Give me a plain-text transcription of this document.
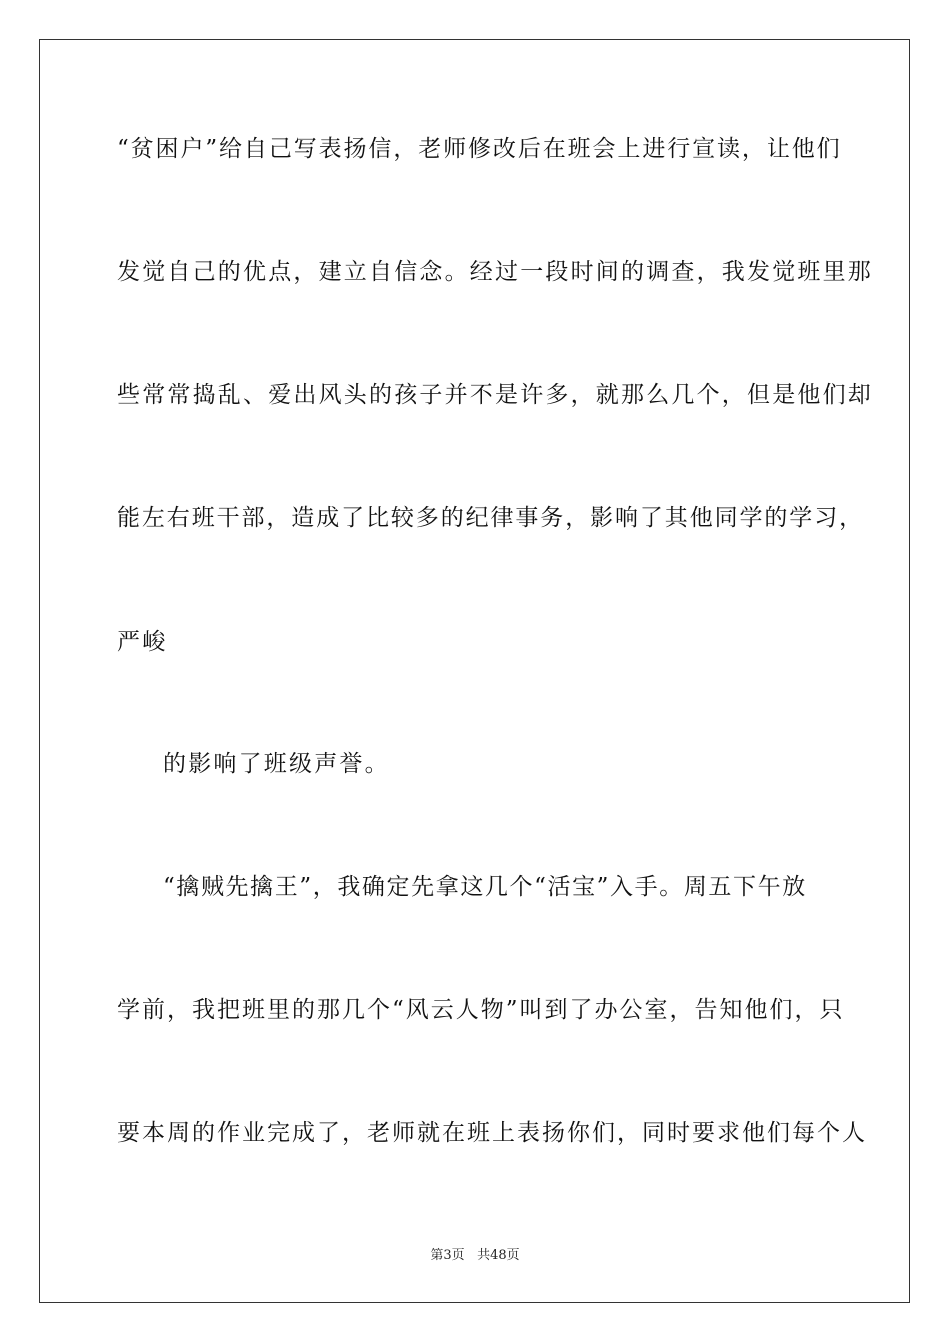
“贫困户”给自己写表扬信，老师修改后在班会上进行宣读，让他们
发觉自己的优点，建立自信念。经过一段时间的调查，我发觉班里那
些常常捣乱、爱出风头的孩子并不是许多，就那么几个，但是他们却
能左右班干部，造成了比较多的纪律事务，影响了其他同学的学习，
严峻
的影响了班级声誉。
“擒贼先擒王”，我确定先拿这几个“活宝”入手。周五下午放
学前，我把班里的那几个“风云人物”叫到了办公室，告知他们，只
要本周的作业完成了，老师就在班上表扬你们，同时要求他们每个人
第3页 共48页
